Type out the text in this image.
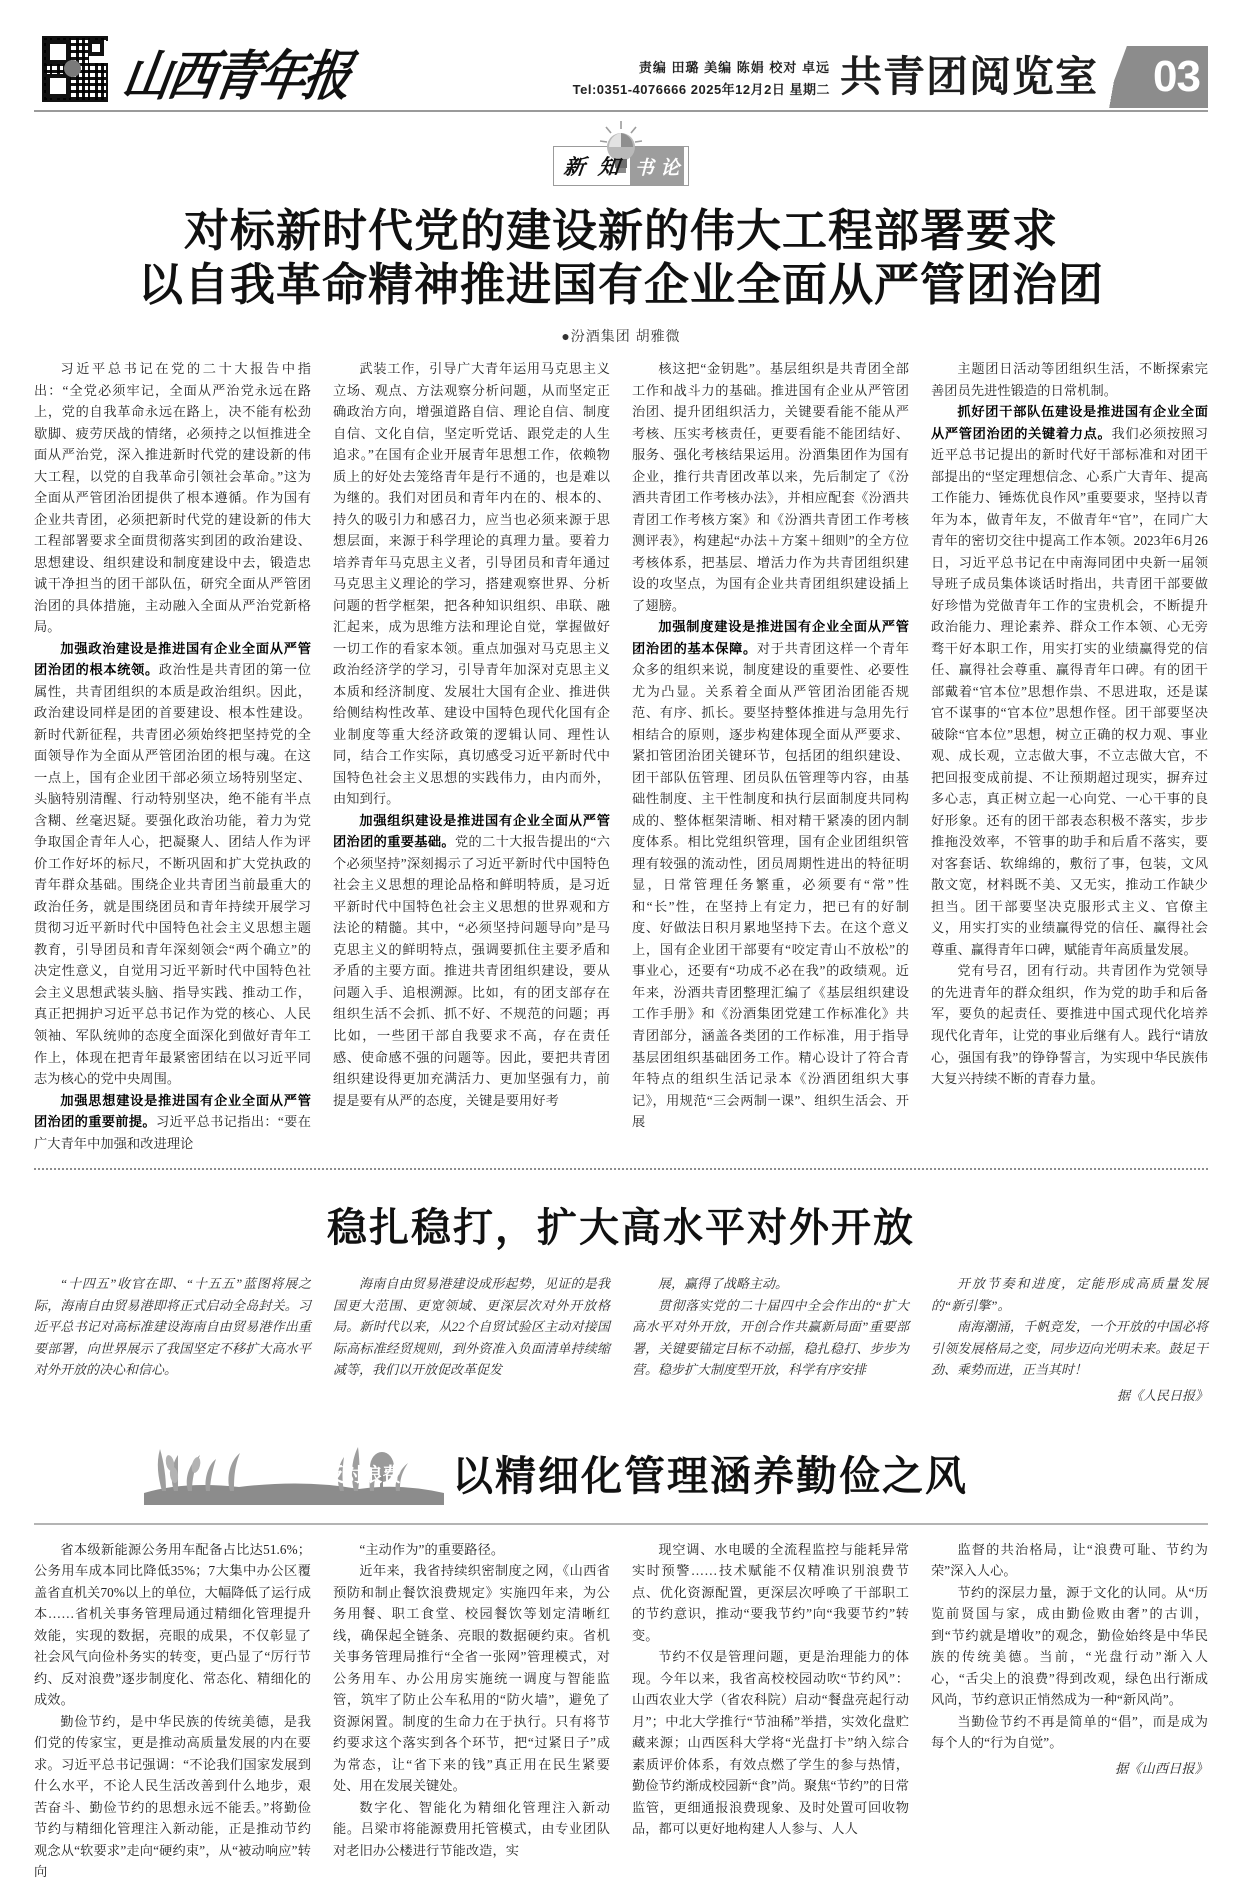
山西青年报	责编 田璐 美编 陈娟 校对 卓远
Tel:0351-4076666 2025年12月2日 星期二 共青团阅览室 03
新 知 书 论
对标新时代党的建设新的伟大工程部署要求
以自我革命精神推进国有企业全面从严管团治团
●汾酒集团 胡雅微

习近平总书记在党的二十大报告中指出：“全党必须牢记，全面从严治党永远在路上，党的自我革命永远在路上，决不能有松劲歇脚、疲劳厌战的情绪，必须持之以恒推进全面从严治党，深入推进新时代党的建设新的伟大工程，以党的自我革命引领社会革命。”这为全面从严管团治团提供了根本遵循。作为国有企业共青团，必须把新时代党的建设新的伟大工程部署要求全面贯彻落实到团的政治建设、思想建设、组织建设和制度建设中去，锻造忠诚干净担当的团干部队伍，研究全面从严管团治团的具体措施，主动融入全面从严治党新格局。

加强政治建设是推进国有企业全面从严管团治团的根本统领。政治性是共青团的第一位属性，共青团组织的本质是政治组织。因此，政治建设同样是团的首要建设、根本性建设。新时代新征程，共青团必须始终把坚持党的全面领导作为全面从严管团治团的根与魂。在这一点上，国有企业团干部必须立场特别坚定、头脑特别清醒、行动特别坚决，绝不能有半点含糊、丝毫迟疑。要强化政治功能，着力为党争取国企青年人心，把凝聚人、团结人作为评价工作好坏的标尺，不断巩固和扩大党执政的青年群众基础。围绕企业共青团当前最重大的政治任务，就是围绕团员和青年持续开展学习贯彻习近平新时代中国特色社会主义思想主题教育，引导团员和青年深刻领会“两个确立”的决定性意义，自觉用习近平新时代中国特色社会主义思想武装头脑、指导实践、推动工作，真正把拥护习近平总书记作为党的核心、人民领袖、军队统帅的态度全面深化到做好青年工作上，体现在把青年最紧密团结在以习近平同志为核心的党中央周围。

加强思想建设是推进国有企业全面从严管团治团的重要前提。习近平总书记指出：“要在广大青年中加强和改进理论

武装工作，引导广大青年运用马克思主义立场、观点、方法观察分析问题，从而坚定正确政治方向，增强道路自信、理论自信、制度自信、文化自信，坚定听党话、跟党走的人生追求。”在国有企业开展青年思想工作，依赖物质上的好处去笼络青年是行不通的，也是难以为继的。我们对团员和青年内在的、根本的、持久的吸引力和感召力，应当也必须来源于思想层面，来源于科学理论的真理力量。要着力培养青年马克思主义者，引导团员和青年通过马克思主义理论的学习，搭建观察世界、分析问题的哲学框架，把各种知识组织、串联、融汇起来，成为思维方法和理论自觉，掌握做好一切工作的看家本领。重点加强对马克思主义政治经济学的学习，引导青年加深对克思主义本质和经济制度、发展壮大国有企业、推进供给侧结构性改革、建设中国特色现代化国有企业制度等重大经济政策的逻辑认同、理性认同，结合工作实际，真切感受习近平新时代中国特色社会主义思想的实践伟力，由内而外，由知到行。

加强组织建设是推进国有企业全面从严管团治团的重要基础。党的二十大报告提出的“六个必须坚持”深刻揭示了习近平新时代中国特色社会主义思想的理论品格和鲜明特质，是习近平新时代中国特色社会主义思想的世界观和方法论的精髓。其中，“必须坚持问题导向”是马克思主义的鲜明特点，强调要抓住主要矛盾和矛盾的主要方面。推进共青团组织建设，要从问题入手、追根溯源。比如，有的团支部存在组织生活不会抓、抓不好、不规范的问题；再比如，一些团干部自我要求不高，存在责任感、使命感不强的问题等。因此，要把共青团组织建设得更加充满活力、更加坚强有力，前提是要有从严的态度，关键是要用好考

核这把“金钥匙”。基层组织是共青团全部工作和战斗力的基础。推进国有企业从严管团治团、提升团组织活力，关键要看能不能从严考核、压实考核责任，更要看能不能团结好、服务、强化考核结果运用。汾酒集团作为国有企业，推行共青团改革以来，先后制定了《汾酒共青团工作考核办法》，并相应配套《汾酒共青团工作考核方案》和《汾酒共青团工作考核测评表》，构建起“办法＋方案＋细则”的全方位考核体系，把基层、增活力作为共青团组织建设的攻坚点，为国有企业共青团组织建设插上了翅膀。

加强制度建设是推进国有企业全面从严管团治团的基本保障。对于共青团这样一个青年众多的组织来说，制度建设的重要性、必要性尤为凸显。关系着全面从严管团治团能否规范、有序、抓长。要坚持整体推进与急用先行相结合的原则，逐步构建体现全面从严要求、紧扣管团治团关键环节，包括团的组织建设、团干部队伍管理、团员队伍管理等内容，由基础性制度、主干性制度和执行层面制度共同构成的、整体框架清晰、相对精干紧凑的团内制度体系。相比党组织管理，国有企业团组织管理有较强的流动性，团员周期性进出的特征明显，日常管理任务繁重，必须要有“常”性和“长”性，在坚持上有定力，把已有的好制度、好做法日积月累地坚持下去。在这个意义上，国有企业团干部要有“咬定青山不放松”的事业心，还要有“功成不必在我”的政绩观。近年来，汾酒共青团整理汇编了《基层组织建设工作手册》和《汾酒集团党建工作标准化》共青团部分，涵盖各类团的工作标准，用于指导基层团组织基础团务工作。精心设计了符合青年特点的组织生活记录本《汾酒团组织大事记》，用规范“三会两制一课”、组织生活会、开展

主题团日活动等团组织生活，不断探索完善团员先进性锻造的日常机制。

抓好团干部队伍建设是推进国有企业全面从严管团治团的关键着力点。我们必须按照习近平总书记提出的新时代好干部标准和对团干部提出的“坚定理想信念、心系广大青年、提高工作能力、锤炼优良作风”重要要求，坚持以青年为本，做青年友，不做青年“官”，在同广大青年的密切交往中提高工作本领。2023年6月26日，习近平总书记在中南海同团中央新一届领导班子成员集体谈话时指出，共青团干部要做好珍惜为党做青年工作的宝贵机会，不断提升政治能力、理论素养、群众工作本领、心无旁骛干好本职工作，用实打实的业绩赢得党的信任、赢得社会尊重、赢得青年口碑。有的团干部戴着“官本位”思想作祟、不思进取，还是谋官不谋事的“官本位”思想作怪。团干部要坚决破除“官本位”思想，树立正确的权力观、事业观、成长观，立志做大事，不立志做大官，不把回报变成前提、不让预期超过现实，摒弃过多心志，真正树立起一心向党、一心干事的良好形象。还有的团干部表态积极不落实，步步推拖没效率，不管事的助手和后盾不落实，要对客套话、软绵绵的，敷衍了事，包装，文风散文宽，材料既不美、又无实，推动工作缺少担当。团干部要坚决克服形式主义、官僚主义，用实打实的业绩赢得党的信任、赢得社会尊重、赢得青年口碑，赋能青年高质量发展。

党有号召，团有行动。共青团作为党领导的先进青年的群众组织，作为党的助手和后备军，要负的起责任、要推进中国式现代化培养现代化青年，让党的事业后继有人。践行“请放心，强国有我”的铮铮誓言，为实现中华民族伟大复兴持续不断的青春力量。

稳扎稳打，扩大高水平对外开放

“十四五”收官在即、“十五五”蓝图将展之际，海南自由贸易港即将正式启动全岛封关。习近平总书记对高标准建设海南自由贸易港作出重要部署，向世界展示了我国坚定不移扩大高水平对外开放的决心和信心。

海南自由贸易港建设成形起势，见证的是我国更大范围、更宽领域、更深层次对外开放格局。新时代以来，从22个自贸试验区主动对接国际高标准经贸规则，到外资准入负面清单持续缩减等，我们以开放促改革促发

展，赢得了战略主动。

贯彻落实党的二十届四中全会作出的“扩大高水平对外开放，开创合作共赢新局面”重要部署，关键要锚定目标不动摇，稳扎稳打、步步为营。稳步扩大制度型开放，科学有序安排

开放节奏和进度，定能形成高质量发展的“新引擎”。

南海潮涌，千帆竞发，一个开放的中国必将引领发展格局之变，同步迈向光明未来。鼓足干劲、乘势而进，正当其时！

据《人民日报》
厉行节约 反对浪费 以精细化管理涵养勤俭之风

省本级新能源公务用车配备占比达51.6%；公务用车成本同比降低35%；7大集中办公区覆盖省直机关70%以上的单位，大幅降低了运行成本……省机关事务管理局通过精细化管理提升效能，实现的数据，亮眼的成果，不仅彰显了社会风气向俭朴务实的转变，更凸显了“厉行节约、反对浪费”逐步制度化、常态化、精细化的成效。

勤俭节约，是中华民族的传统美德，是我们党的传家宝，更是推动高质量发展的内在要求。习近平总书记强调：“不论我们国家发展到什么水平，不论人民生活改善到什么地步，艰苦奋斗、勤俭节约的思想永远不能丢。”将勤俭节约与精细化管理注入新动能，正是推动节约观念从“软要求”走向“硬约束”，从“被动响应”转向

“主动作为”的重要路径。

近年来，我省持续织密制度之网，《山西省预防和制止餐饮浪费规定》实施四年来，为公务用餐、职工食堂、校园餐饮等划定清晰红线，确保起全链条、亮眼的数据硬约束。省机关事务管理局推行“全省一张网”管理模式，对公务用车、办公用房实施统一调度与智能监管，筑牢了防止公车私用的“防火墙”，避免了资源闲置。制度的生命力在于执行。只有将节约要求这个落实到各个环节，把“过紧日子”成为常态，让“省下来的钱”真正用在民生紧要处、用在发展关键处。

数字化、智能化为精细化管理注入新动能。吕梁市将能源费用托管模式，由专业团队对老旧办公楼进行节能改造，实

现空调、水电暖的全流程监控与能耗异常实时预警……技术赋能不仅精准识别浪费节点、优化资源配置，更深层次呼唤了干部职工的节约意识，推动“要我节约”向“我要节约”转变。

节约不仅是管理问题，更是治理能力的体现。今年以来，我省高校校园动吹“节约风”：山西农业大学（省农科院）启动“餐盘亮起行动月”；中北大学推行“节油稀”举措，实效化盘贮藏来源；山西医科大学将“光盘打卡”纳入综合素质评价体系，有效点燃了学生的参与热情，勤俭节约渐成校园新“食”尚。聚焦“节约”的日常监管，更细通报浪费现象、及时处置可回收物品，都可以更好地构建人人参与、人人

监督的共治格局，让“浪费可耻、节约为荣”深入人心。

节约的深层力量，源于文化的认同。从“历览前贤国与家，成由勤俭败由奢”的古训，到“节约就是增收”的观念，勤俭始终是中华民族的传统美德。当前，“光盘行动”渐入人心，“舌尖上的浪费”得到改观，绿色出行渐成风尚，节约意识正悄然成为一种“新风尚”。

当勤俭节约不再是简单的“倡”，而是成为每个人的“行为自觉”。

据《山西日报》
